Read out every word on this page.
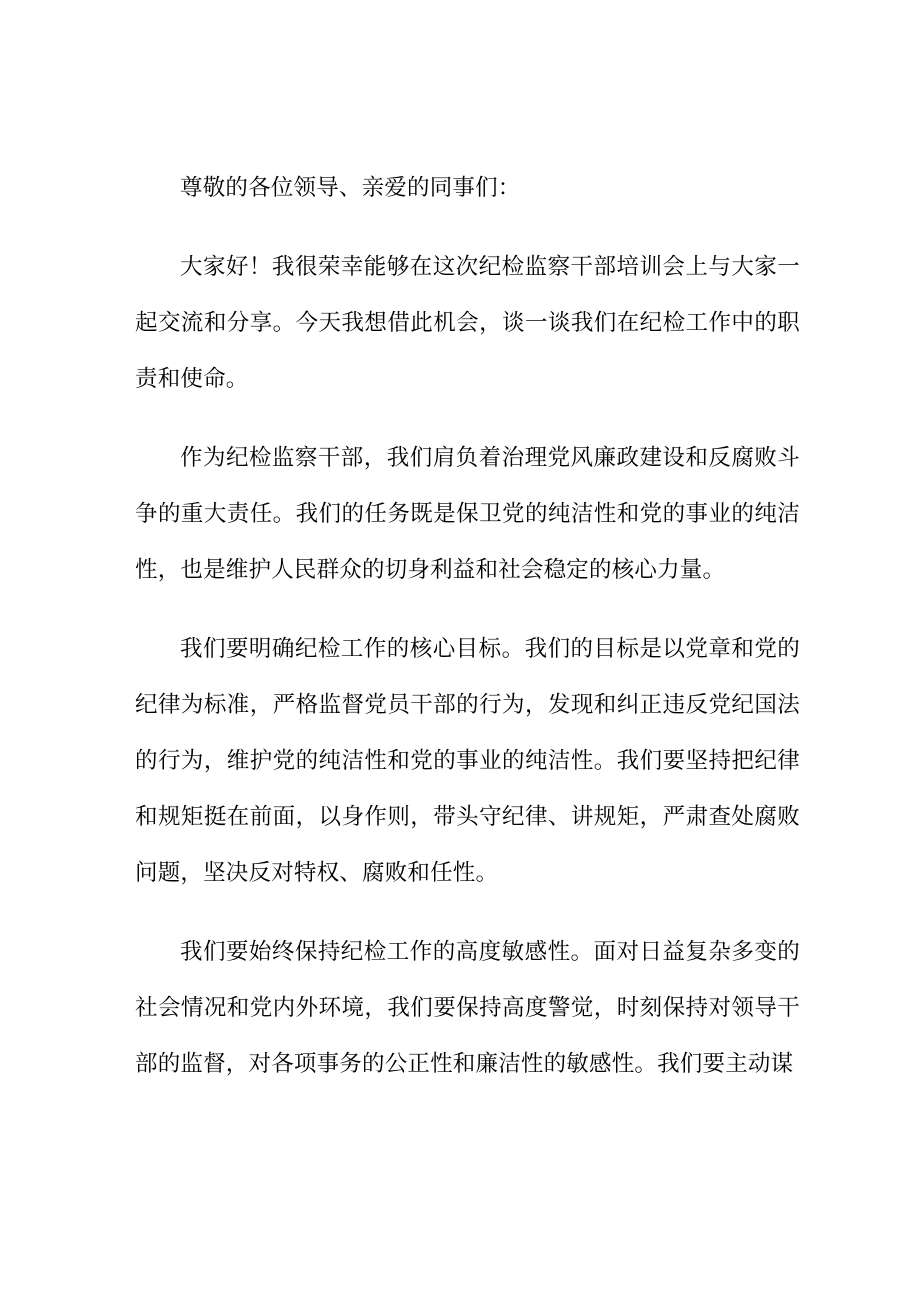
尊敬的各位领导、亲爱的同事们：

大家好！我很荣幸能够在这次纪检监察干部培训会上与大家一起交流和分享。今天我想借此机会，谈一谈我们在纪检工作中的职责和使命。

作为纪检监察干部，我们肩负着治理党风廉政建设和反腐败斗争的重大责任。我们的任务既是保卫党的纯洁性和党的事业的纯洁性，也是维护人民群众的切身利益和社会稳定的核心力量。

我们要明确纪检工作的核心目标。我们的目标是以党章和党的纪律为标准，严格监督党员干部的行为，发现和纠正违反党纪国法的行为，维护党的纯洁性和党的事业的纯洁性。我们要坚持把纪律和规矩挺在前面，以身作则，带头守纪律、讲规矩，严肃查处腐败问题，坚决反对特权、腐败和任性。

我们要始终保持纪检工作的高度敏感性。面对日益复杂多变的社会情况和党内外环境，我们要保持高度警觉，时刻保持对领导干部的监督，对各项事务的公正性和廉洁性的敏感性。我们要主动谋
